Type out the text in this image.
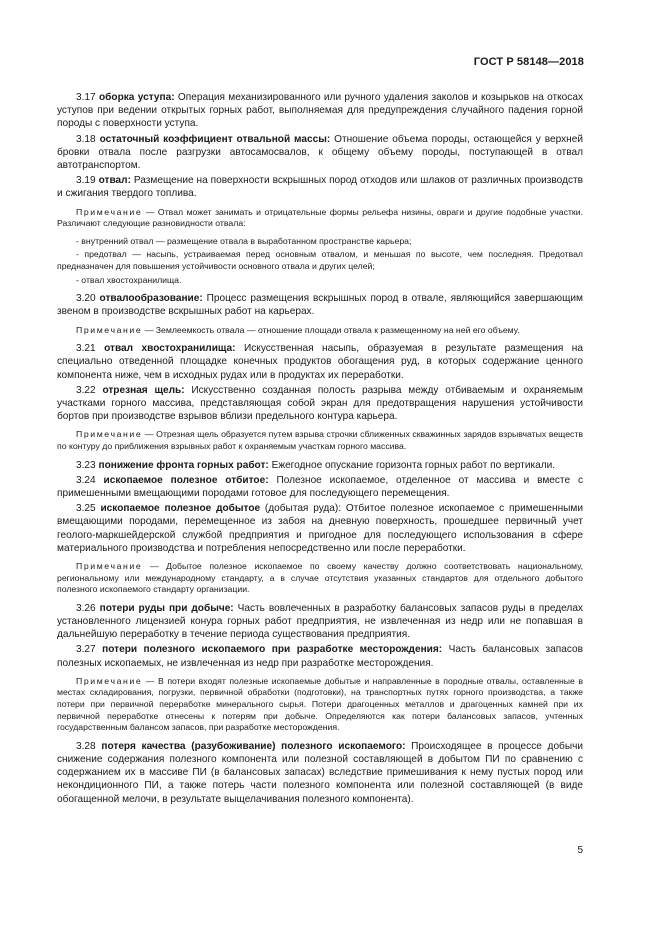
ГОСТ Р 58148—2018

3.17 оборка уступа: Операция механизированного или ручного удаления заколов и козырьков на откосах уступов при ведении открытых горных работ, выполняемая для предупреждения случайного падения горной породы с поверхности уступа.

3.18 остаточный коэффициент отвальной массы: Отношение объема породы, остающейся у верхней бровки отвала после разгрузки автосамосвалов, к общему объему породы, поступающей в отвал автотранспортом.

3.19 отвал: Размещение на поверхности вскрышных пород отходов или шлаков от различных производств и сжигания твердого топлива.

Примечание — Отвал может занимать и отрицательные формы рельефа низины, овраги и другие подобные участки. Различают следующие разновидности отвала:

- внутренний отвал — размещение отвала в выработанном пространстве карьера;

- предотвал — насыпь, устраиваемая перед основным отвалом, и меньшая по высоте, чем последняя. Предотвал предназначен для повышения устойчивости основного отвала и других целей;

- отвал хвостохранилища.

3.20 отвалообразование: Процесс размещения вскрышных пород в отвале, являющийся завершающим звеном в производстве вскрышных работ на карьерах.

Примечание — Землеемкость отвала — отношение площади отвала к размещенному на ней его объему.

3.21 отвал хвостохранилища: Искусственная насыпь, образуемая в результате размещения на специально отведенной площадке конечных продуктов обогащения руд, в которых содержание ценного компонента ниже, чем в исходных рудах или в продуктах их переработки.

3.22 отрезная щель: Искусственно созданная полость разрыва между отбиваемым и охраняемым участками горного массива, представляющая собой экран для предотвращения нарушения устойчивости бортов при производстве взрывов вблизи предельного контура карьера.

Примечание — Отрезная щель образуется путем взрыва строчки сближенных скважинных зарядов взрывчатых веществ по контуру до приближения взрывных работ к охраняемым участкам горного массива.

3.23 понижение фронта горных работ: Ежегодное опускание горизонта горных работ по вертикали.

3.24 ископаемое полезное отбитое: Полезное ископаемое, отделенное от массива и вместе с примешенными вмещающими породами готовое для последующего перемещения.

3.25 ископаемое полезное добытое (добытая руда): Отбитое полезное ископаемое с примешенными вмещающими породами, перемещенное из забоя на дневную поверхность, прошедшее первичный учет геолого-маркшейдерской службой предприятия и пригодное для последующего использования в сфере материального производства и потребления непосредственно или после переработки.

Примечание — Добытое полезное ископаемое по своему качеству должно соответствовать национальному, региональному или международному стандарту, а в случае отсутствия указанных стандартов для отдельного добытого полезного ископаемого стандарту организации.

3.26 потери руды при добыче: Часть вовлеченных в разработку балансовых запасов руды в пределах установленного лицензией конура горных работ предприятия, не извлеченная из недр или не попавшая в дальнейшую переработку в течение периода существования предприятия.

3.27 потери полезного ископаемого при разработке месторождения: Часть балансовых запасов полезных ископаемых, не извлеченная из недр при разработке месторождения.

Примечание — В потери входят полезные ископаемые добытые и направленные в породные отвалы, оставленные в местах складирования, погрузки, первичной обработки (подготовки), на транспортных путях горного производства, а также потери при первичной переработке минерального сырья. Потери драгоценных металлов и драгоценных камней при их первичной переработке отнесены к потерям при добыче. Определяются как потери балансовых запасов, учтенных государственным балансом запасов, при разработке месторождения.

3.28 потеря качества (разубоживание) полезного ископаемого: Происходящее в процессе добычи снижение содержания полезного компонента или полезной составляющей в добытом ПИ по сравнению с содержанием их в массиве ПИ (в балансовых запасах) вследствие примешивания к нему пустых пород или некондиционного ПИ, а также потерь части полезного компонента или полезной составляющей (в виде обогащенной мелочи, в результате выщелачивания полезного компонента).

5
